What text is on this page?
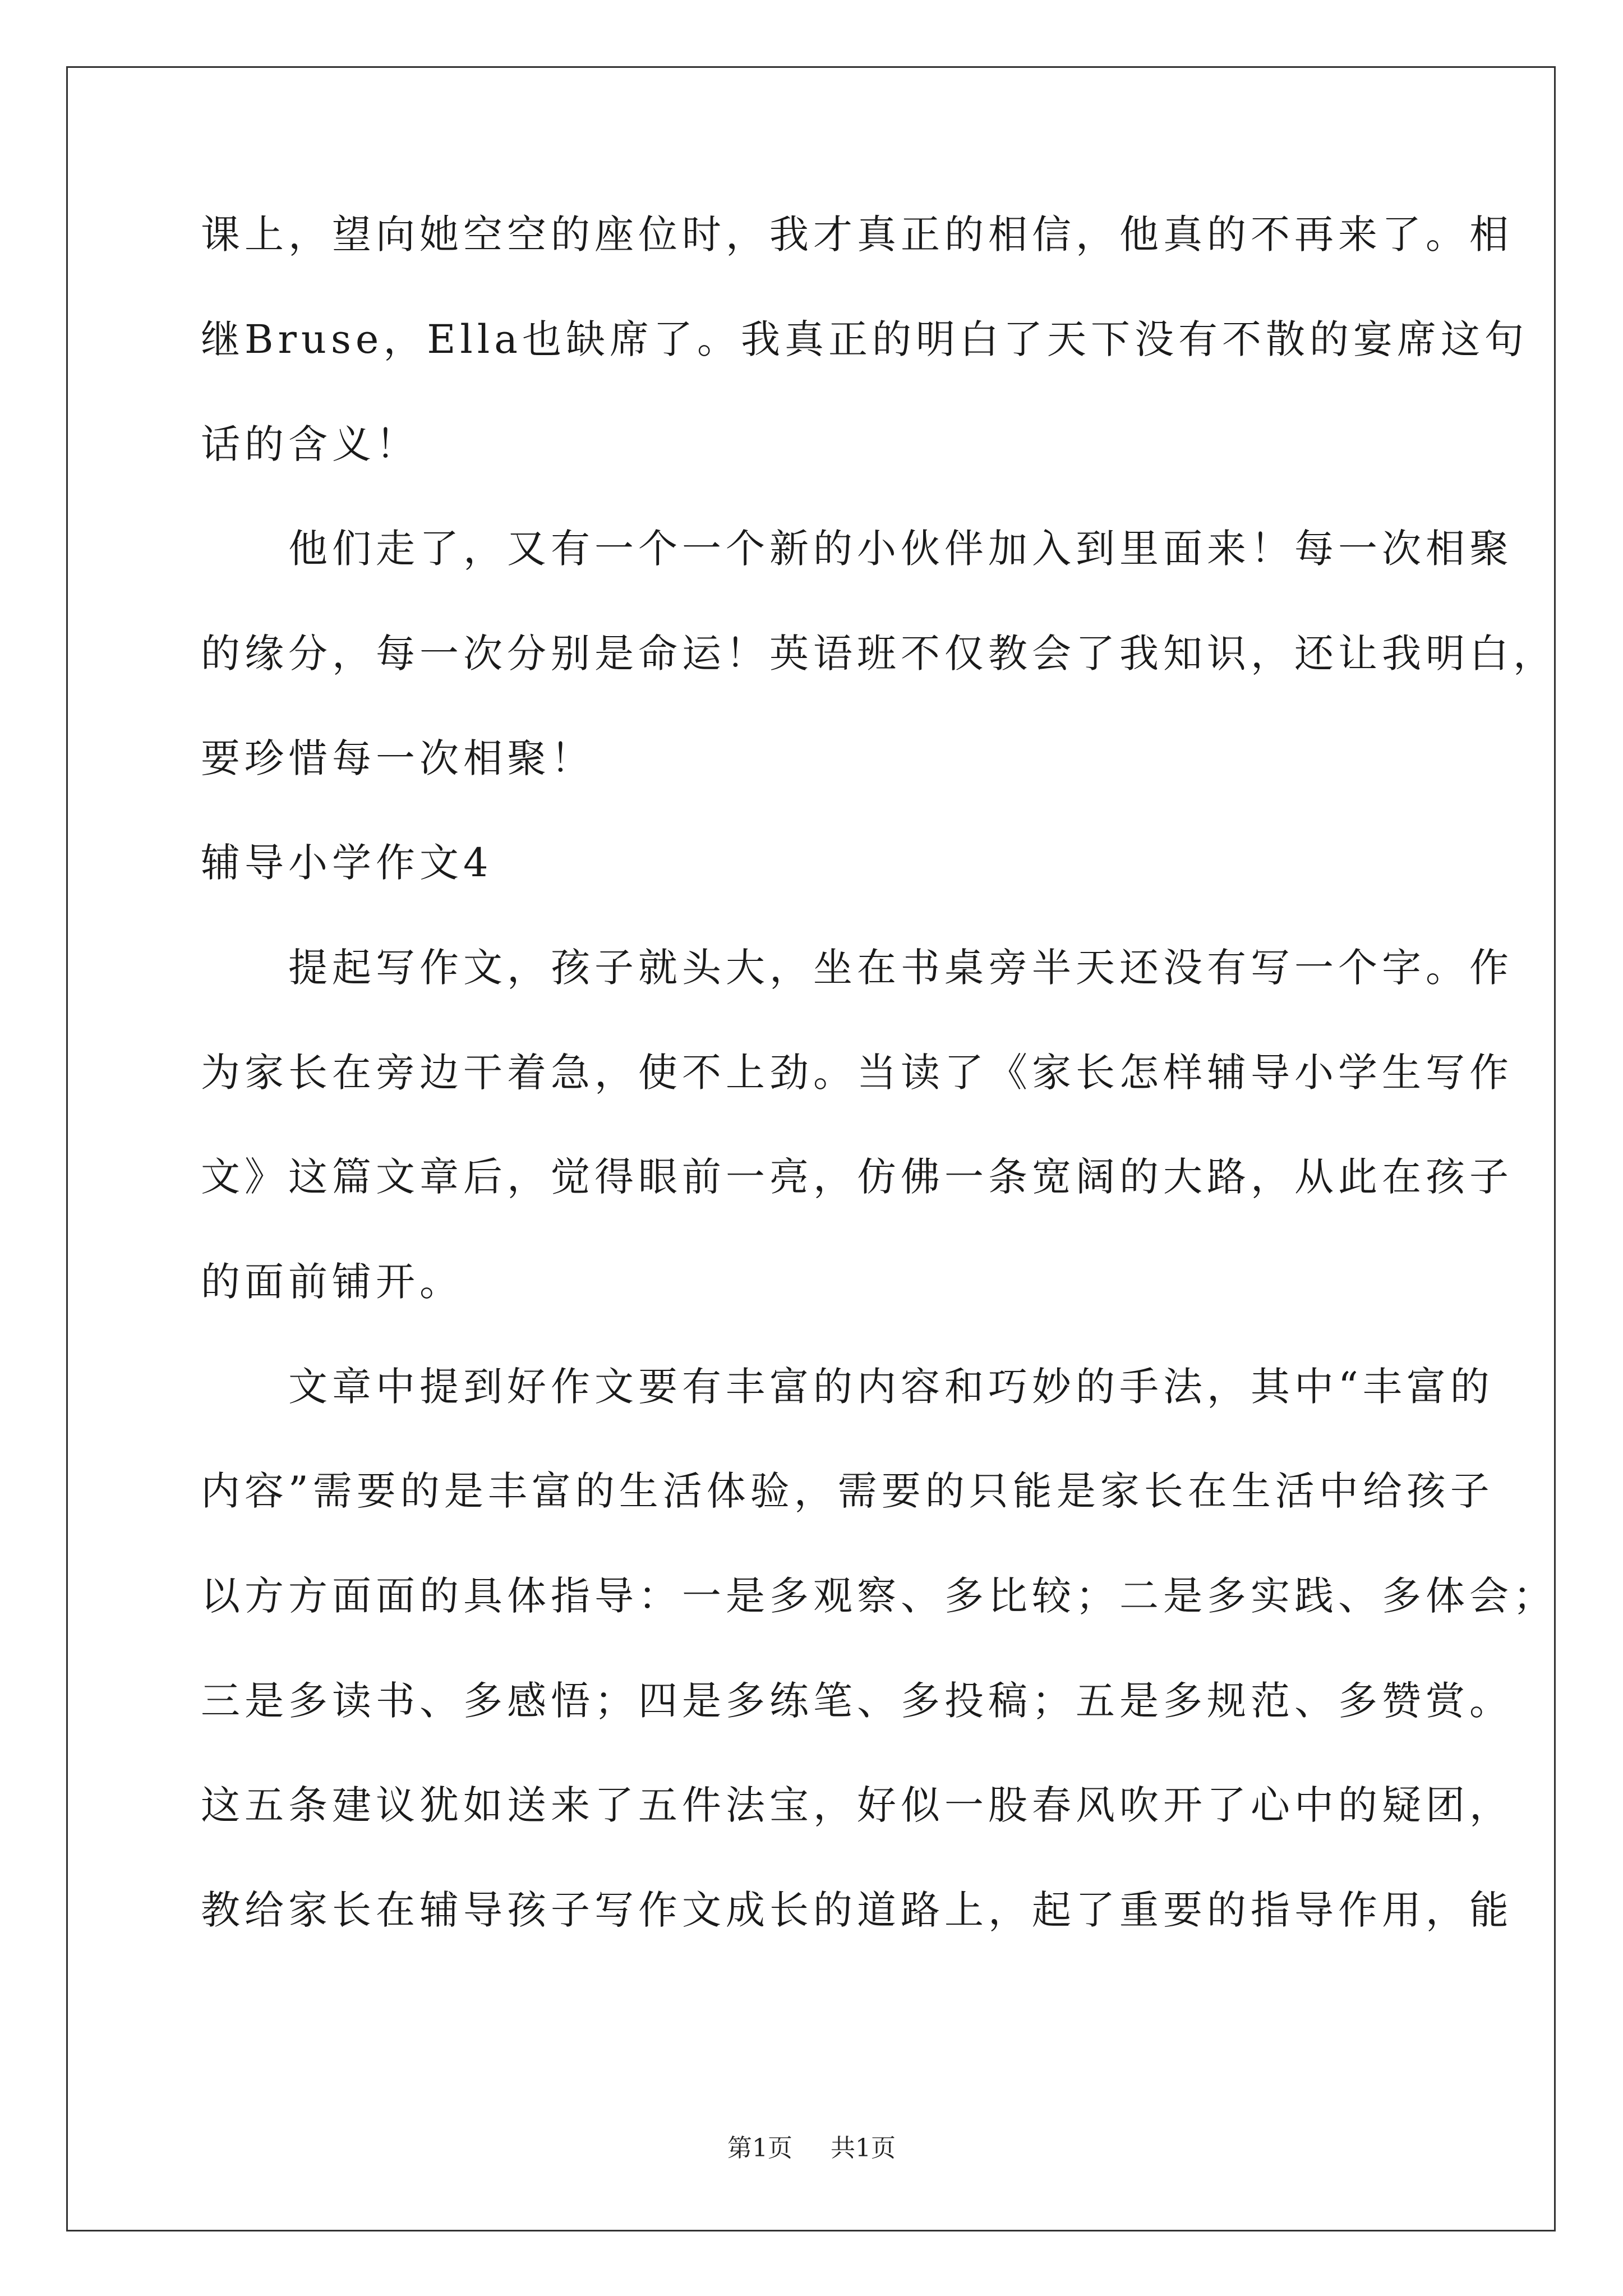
课上，望向她空空的座位时，我才真正的相信，他真的不再来了。相
继Bruse，Ella也缺席了。我真正的明白了天下没有不散的宴席这句
话的含义！
　　他们走了，又有一个一个新的小伙伴加入到里面来！每一次相聚
的缘分，每一次分别是命运！英语班不仅教会了我知识，还让我明白，
要珍惜每一次相聚！
辅导小学作文4
　　提起写作文，孩子就头大，坐在书桌旁半天还没有写一个字。作
为家长在旁边干着急，使不上劲。当读了《家长怎样辅导小学生写作
文》这篇文章后，觉得眼前一亮，仿佛一条宽阔的大路，从此在孩子
的面前铺开。
　　文章中提到好作文要有丰富的内容和巧妙的手法，其中“丰富的
内容”需要的是丰富的生活体验，需要的只能是家长在生活中给孩子
以方方面面的具体指导：一是多观察、多比较；二是多实践、多体会；
三是多读书、多感悟；四是多练笔、多投稿；五是多规范、多赞赏。
这五条建议犹如送来了五件法宝，好似一股春风吹开了心中的疑团，
教给家长在辅导孩子写作文成长的道路上，起了重要的指导作用，能
第1页 共1页
